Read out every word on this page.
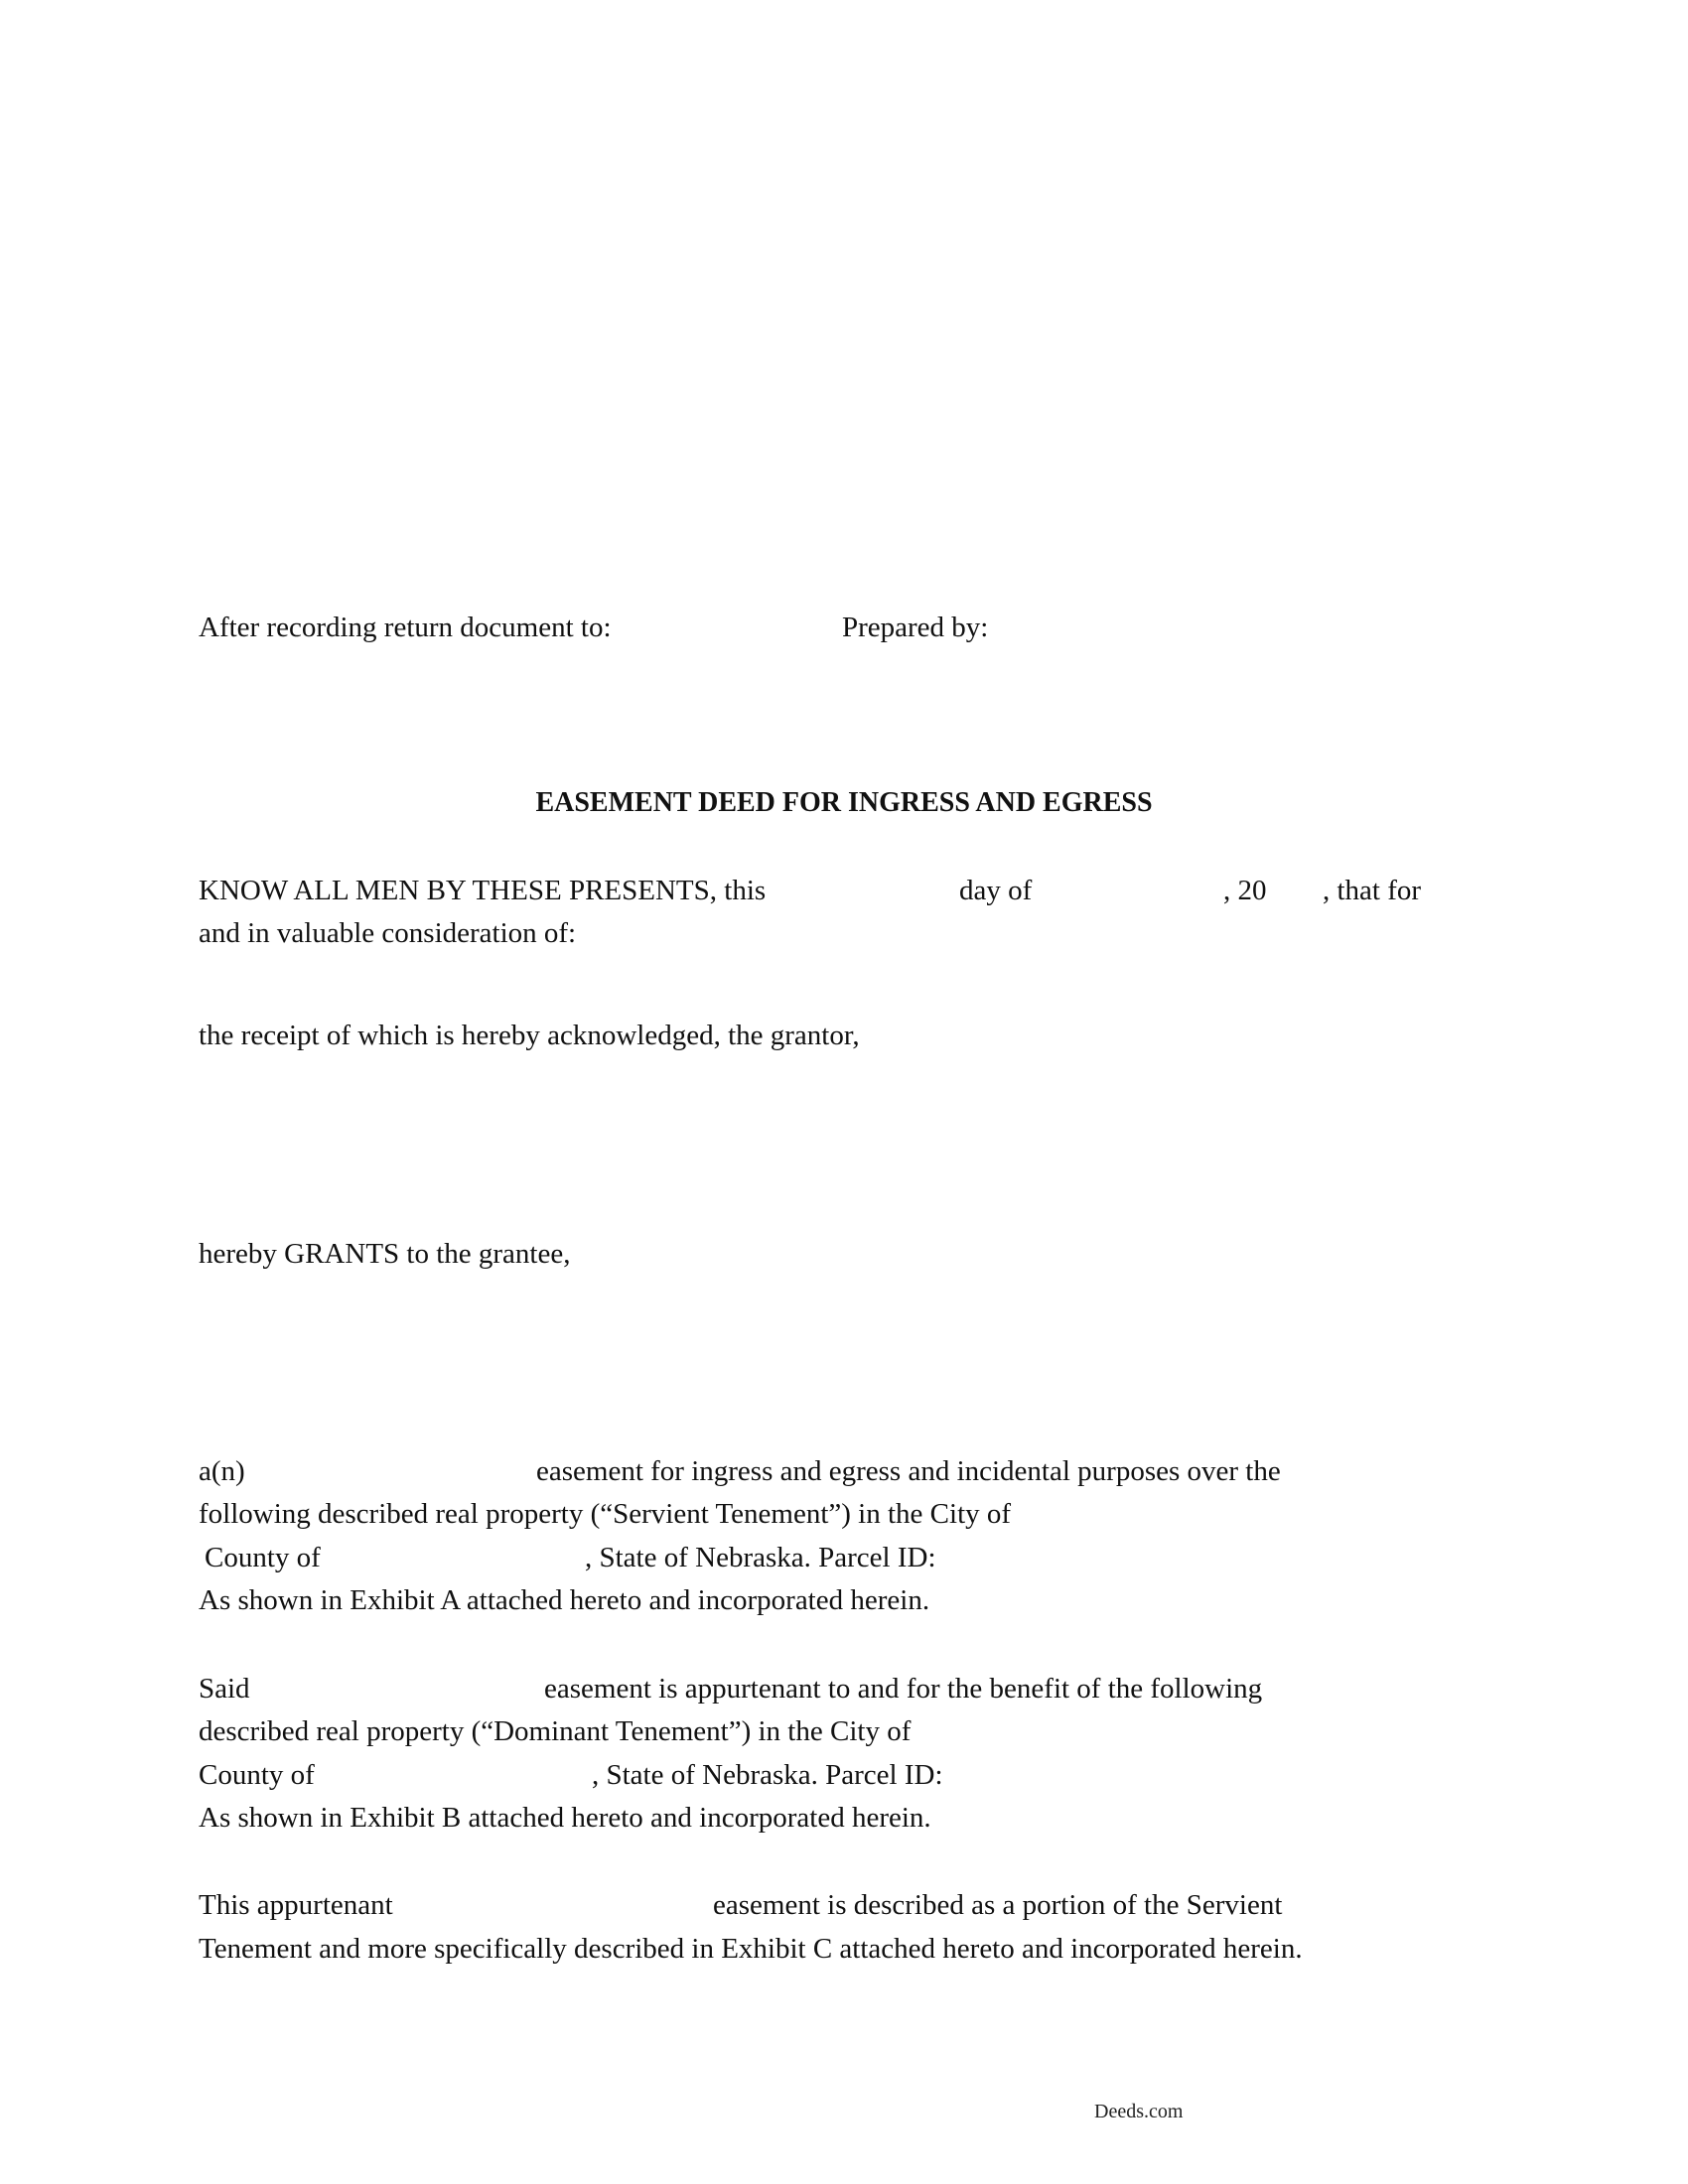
After recording return document to:	Prepared by:
EASEMENT DEED FOR INGRESS AND EGRESS
KNOW ALL MEN BY THESE PRESENTS, this	day of	, 20 , that for
and in valuable consideration of:
the receipt of which is hereby acknowledged, the grantor,
hereby GRANTS to the grantee,
a(n)	easement for ingress and egress and incidental purposes over the
following described real property (“Servient Tenement”) in the City of
County of	, State of Nebraska. Parcel ID:
As shown in Exhibit A attached hereto and incorporated herein.
Said	easement is appurtenant to and for the benefit of the following
described real property (“Dominant Tenement”) in the City of
County of	, State of Nebraska. Parcel ID:
As shown in Exhibit B attached hereto and incorporated herein.
This appurtenant	easement is described as a portion of the Servient
Tenement and more specifically described in Exhibit C attached hereto and incorporated herein.
Deeds.com
